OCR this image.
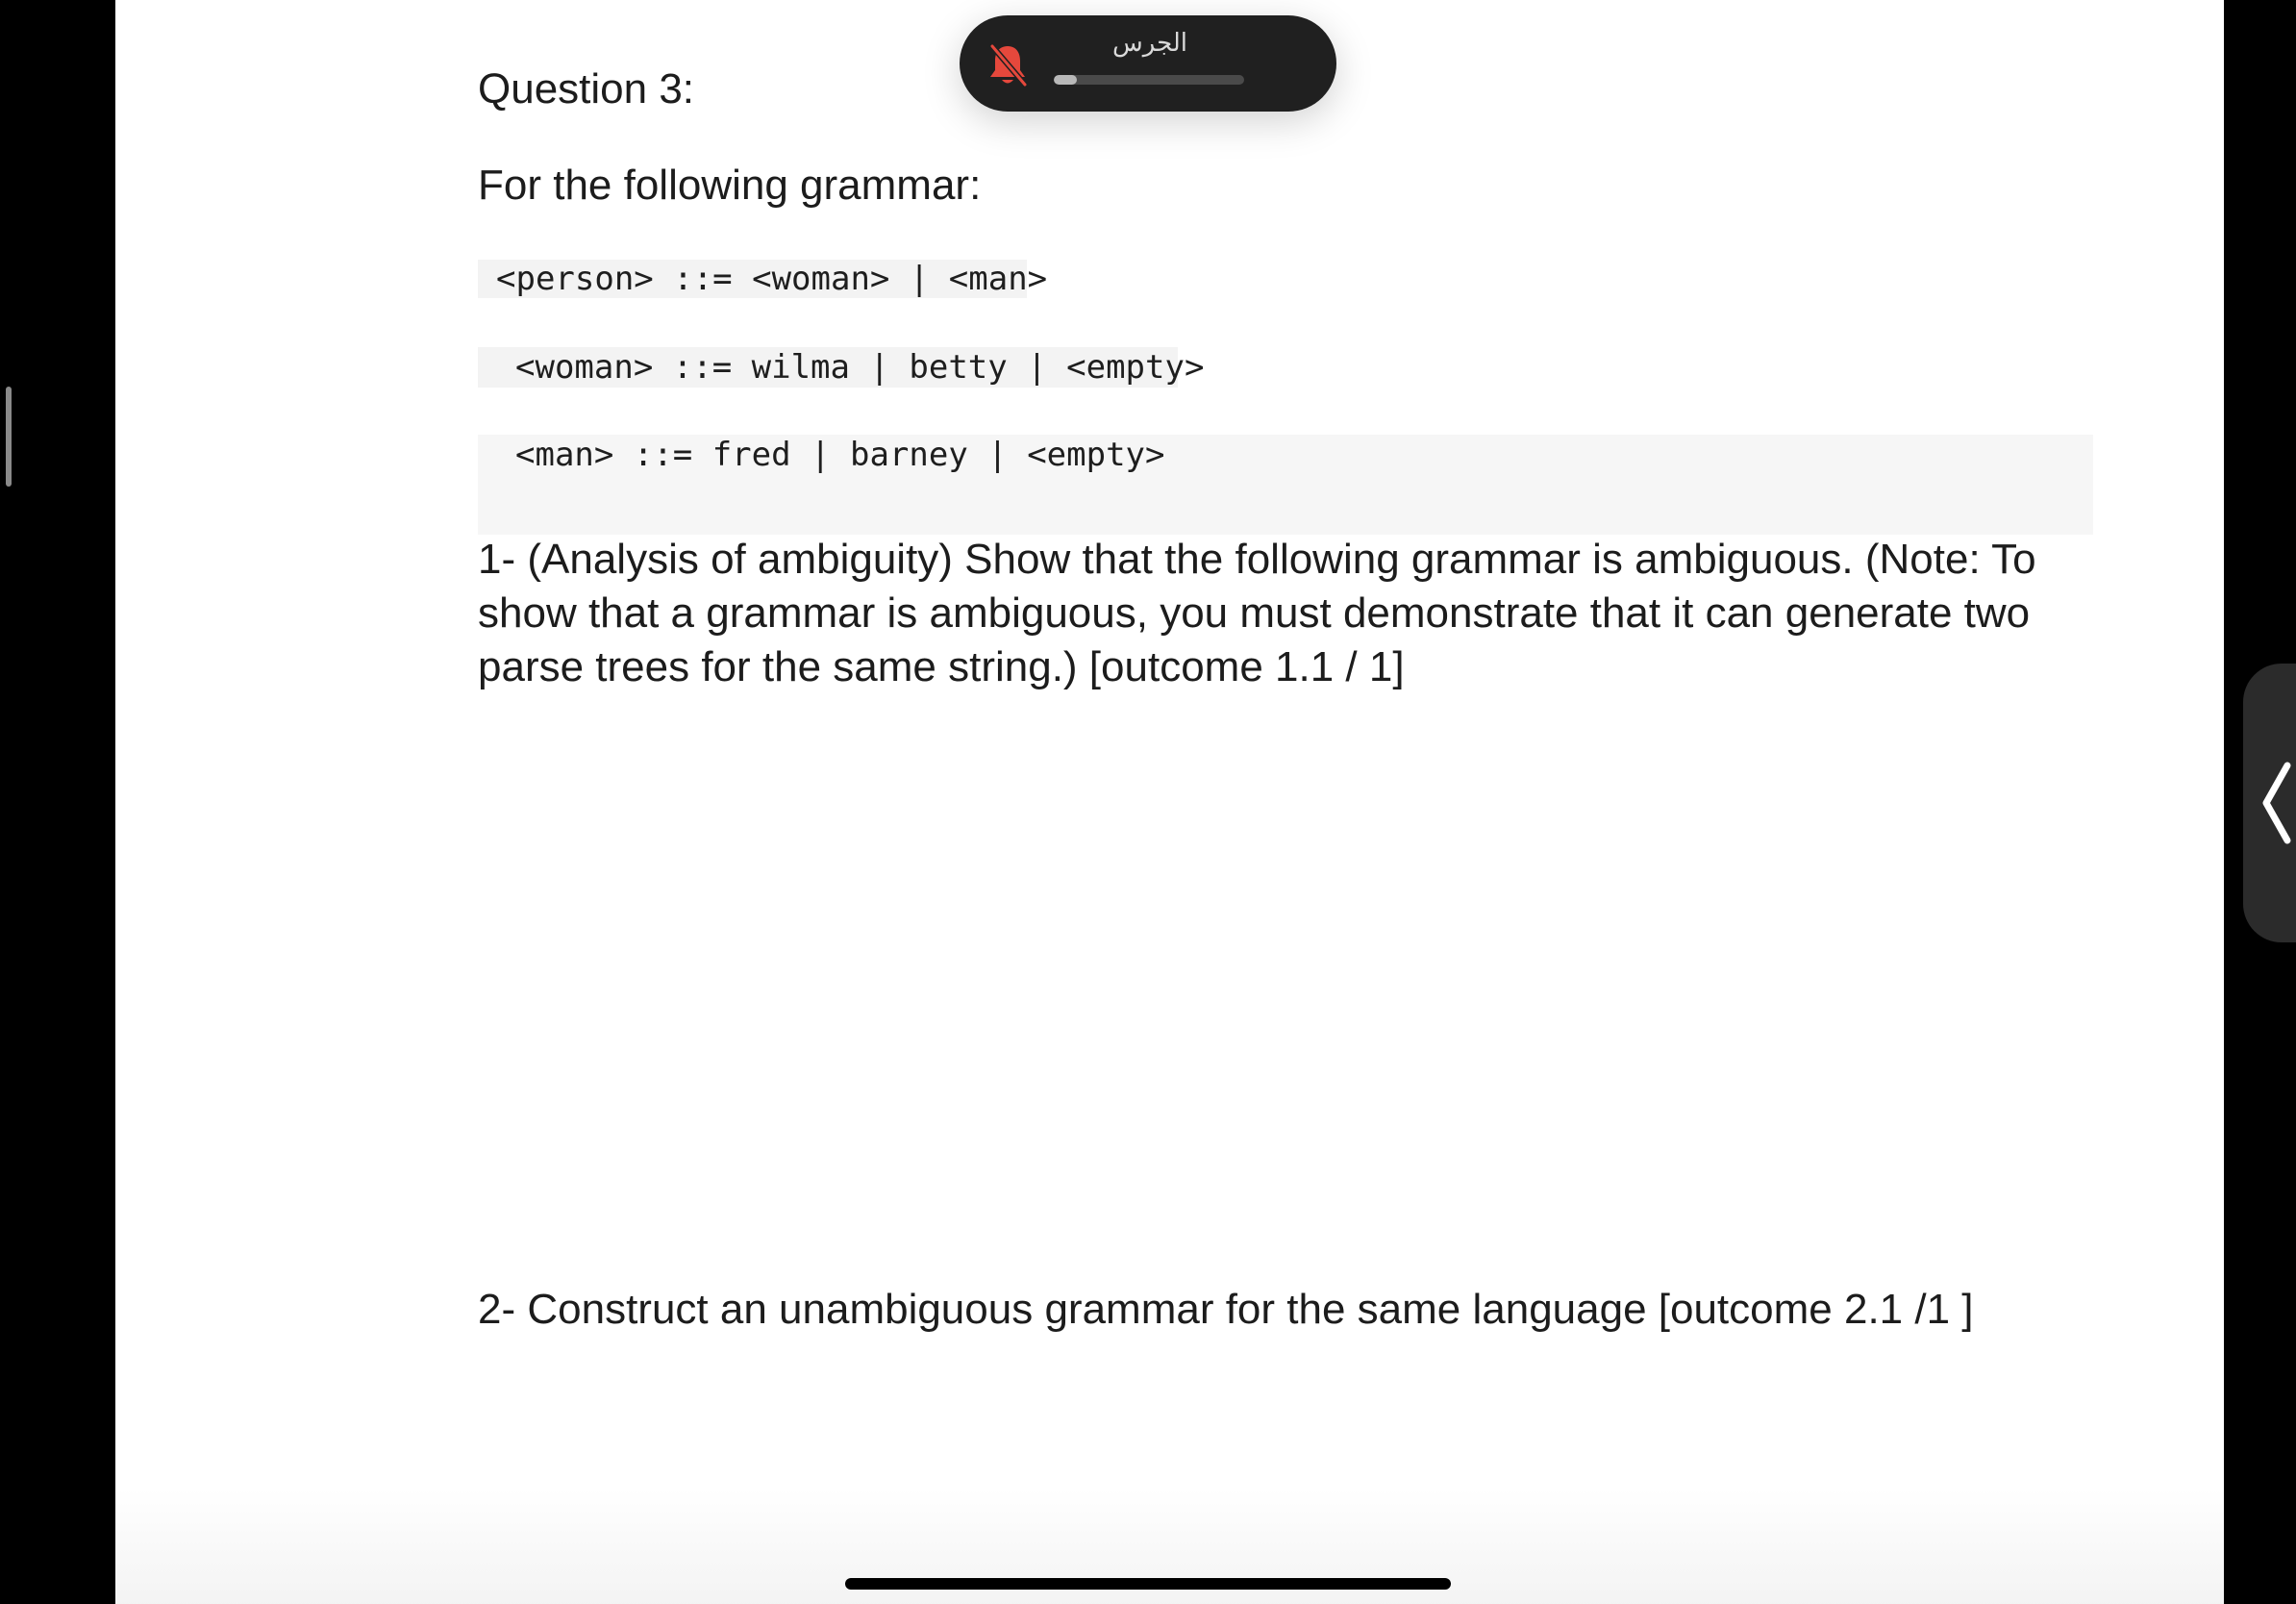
Question 3:
For the following grammar:
<person> ::= <woman> | <man>
<woman> ::= wilma | betty | <empty>
<man> ::= fred | barney | <empty>
1- (Analysis of ambiguity) Show that the following grammar is ambiguous. (Note: To show that a grammar is ambiguous, you must demonstrate that it can generate two parse trees for the same string.) [outcome 1.1 / 1]
2- Construct an unambiguous grammar for the same language [outcome 2.1 /1 ]
الجرس
